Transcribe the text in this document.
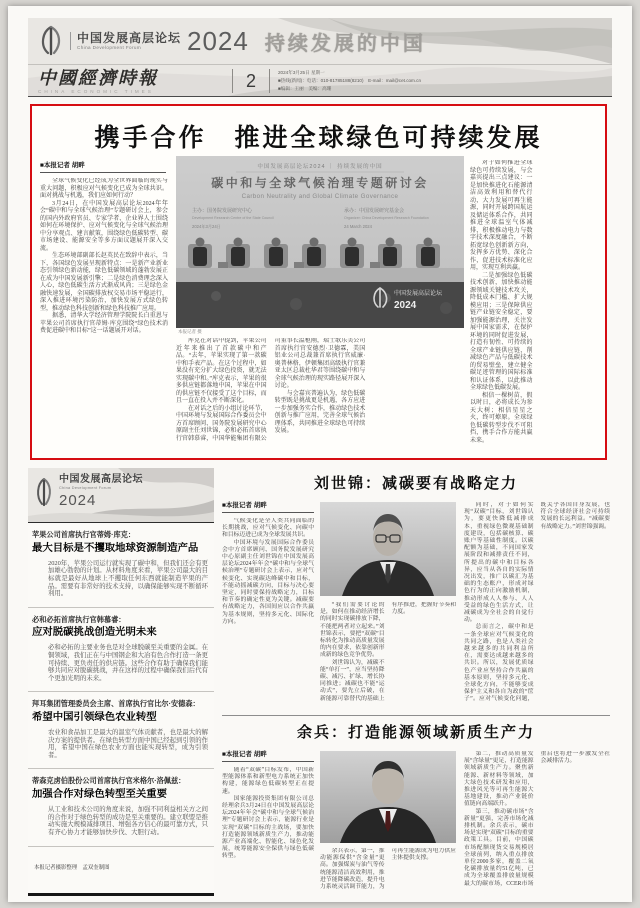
中国发展高层论坛
China Development Forum	2024 持续发展的中国
中國經濟時報
CHINA ECONOMIC TIMES
2	2024年3月25日 星期一
■热线(新闻)：电话：010-81785188(8210)　E-mail：mail@cet.com.cn
■编辑：王丽　美编：高珊
携手合作　推进全球绿色可持续发展
■本报记者 胡畔

全球气候变化已经成为全世界面临的现实与重大问题，积极应对气候变化已成为全球共识。面对挑战与机遇，我们应如何行动？

3月24日，在中国发展高层论坛2024年年会“碳中和与全球气候治理”专题研讨会上，参会的国内外政府官员、专家学者、企业界人士围绕如何在环境保护、应对气候变化与全球气候治理中分享观点、建言献策，围绕绿色低碳转型、碳市场建设、能源安全等多方面议题展开深入交流。

生态环境部副部长赵英民在致辞中表示，当下，各国绿色发展呈现新特点：一是新产业新业态引领绿色新动能，绿色低碳领域的蓬勃发展正在成为中国发展新引擎；二是绿色消费理念深入人心，绿色低碳生活方式渐成风尚；三是绿色金融快速发展，全国碳排放权交易市场平稳运行，深入推进环境污染防治，加快发展方式绿色转型，推动绿色科技创新和绿色科技推广应用。

据悉，清华大学经济管理学院院长白重恩与苹果公司首席执行官蒂姆·库克围绕“绿色技术消费促进碳中和目标”这一话题展开对话。

中国发展高层论坛2024 ｜ 持续发展的中国
碳中和与全球气候治理专题研讨会
Carbon Neutrality and Global Climate Governance
主办：国务院发展研究中心
Development Research Centre of the State Council
2024年3月24日
承办：中国发展研究基金会
Organizer: China Development Research Foundation
24 March 2024
中国发展高层论坛
2024
本报记者 摄

库克在对话中提到，苹果公司近年来推出了首款碳中和产品。“去年，苹果实现了第一款碳中和手表产品。在这个过程中，如果没有充分扩大绿色投资，就无法实现碳中和。”库克表示，苹果的很多供应链都落地中国，苹果在中国的供应链不仅接受了这个目标，而且一直在投入并不断深化。

在对话之后的小组讨论环节，中国环境与发展国际合作委员会中方首席顾问、国务院发展研究中心原副主任刘世锦，必和必拓首席执行官韩慕睿，中国华能集团有限公司董事长温枢刚，瑞士歌乐美公司首席执行官安德烈·卫德霖，美国铝业公司总裁兼首席执行官威廉·奥普林格，伊顿集团高级执行官兼亚太区总裁杜华君等围绕碳中和与全球气候治理的现实路径展开深入讨论。

与会嘉宾普遍认为，绿色低碳转型既是挑战更是机遇，各方应进一步加强务实合作，推动绿色技术创新与推广应用，完善全球气候治理体系，共同推进全球绿色可持续发展。

对于如何推进全球绿色可持续发展，与会嘉宾提出三点建议：一是加快推进化石能源清洁高效利用和替代行动，大力发展可再生能源，同时开展跨国航运及储运体系合作，共同推进全球温室气体减排，积极推动电力与数字技术深度融合，不断拓宽绿色创新新方向，发挥多方优势、深化合作，促进技术标准化应用，实现互利共赢。

二是加强绿色低碳技术创新，加快推动能源领域关键技术攻关，降低成本门槛、扩大规模应用；三是保障供应链产业链安全稳定，要加强能源治理，关注发展中国家需求，在保护环境的同时促进发展，打造有韧性、可持续的全球产业链供应链，削减绿色产品与低碳技术的贸易壁垒，建立健全碳足迹管理的国际标准和认证体系，以此推动全球绿色低碳发展。

相信一棵树苗，假以时日，必将成长为参天大树；相信星星之火，终可燎原。全球绿色低碳转型步伐不可阻挡，携手合作方能共赢未来。

中国发展高层论坛
China Development Forum
2024
苹果公司首席执行官蒂姆·库克：
最大目标是不攫取地球资源制造产品
2020年，苹果公司运行就实现了碳中和，但我们还会有更加雄心勃勃的计划。从材料角度来看，苹果公司最大的目标就是最好从地球上不攫取任何东西就能制造苹果的产品。需要有非常好的技术支持，以确保能够实现不断循环利用。
必和必拓首席执行官韩慕睿：
应对脱碳挑战创造光明未来
必和必拓的主要业务也是对全球脱碳至关重要的金属。在铜领域，我们正在与中国钢企和大冶有色合作打造一条更可持续、更负责任的供应链。这些合作有助于确保我们能够共同应对脱碳挑战，并在这样的过程中确保我们后代有个更加光明的未来。
拜耳集团管理委员会主席、首席执行官比尔·安德森：
希望中国引领绿色农业转型
农业和食品加工是最大的温室气体贡献者，也是最大的解决方案的提供者。在绿色转型方面中国已经起到引领的作用，希望中国在绿色农业方面也能实现转型，成为引领者。
蒂森克虏伯股份公司首席执行官米格尔·洛佩兹：
加强合作对绿色转型至关重要
从工业和技术公司的角度来说，加强不同利益相关方之间的合作对于绿色转型的成功是至关重要的。建立联盟是推动实施大规模减排项目、增强各方信心的最可靠方式，只有齐心协力才能够加快步伐、大胆行动。
本报记者摄影整理　孟双奎制图
刘世锦：减碳要有战略定力
■本报记者 胡畔

气候变化是全人类共同面临的长期挑战，应对气候变化、向碳中和目标迈进已成为全球发展共识。

中国环境与发展国际合作委员会中方首席顾问、国务院发展研究中心原副主任刘世锦在中国发展高层论坛2024年年会“碳中和与全球气候治理”专题研讨会上表示，应对气候变化、实现碳达峰碳中和目标，不能动摇减碳方向，目标与决心要坚定，同时要保持战略定力，目标和节奏的确定性更为关键。减碳要有战略定力，各国间应以合作共赢为基本规则，坚持多元化、国际化方向。

“我们需要讨论的是，如何在推动经济增长的同时实现碳排放下降，不能把两者对立起来。”刘世锦表示，要把“双碳”目标转化为推动高质量发展的内在要求，依靠创新形成新的绿色竞争优势。

刘世锦认为，减碳不能“单打一”，应当坚持降碳、减污、扩绿、增长协同推进；减碳也不能“运动式”，要先立后破，在新能源可靠替代的基础上有序推进，把握好节奏和力度。

同时，对于如何实现“双碳”目标，刘世锦认为，要更快降低减排成本，重视绿色微观基础制度建设，包括碳核算、碳账户等基础性制度。以碳配额为基础，不同国家发展阶段和减排责任不同，所提出的碳中和目标各异，应当从各自的实际情况出发，推广以碳汇为基础的生态账户，形成对绿色行为的正向激励机制，推动形成人人参与、人人受益的绿色生活方式，让减碳成为全社会的自觉行动。

总而言之，碳中和是一条全球应对气候变化的共同之路，也是人类社会越来越多的共同利益所在，需要达成越来越多的共识。所以，发展优质绿色产业应坚持合作共赢的基本原则，坚持多元化、全球化方向，不能够变成保护主义和各自为政的“筐子”。应对气候变化问题，既关乎各国自身发展，也符合全球经济社会可持续发展的长远利益。“减碳要有战略定力。”刘世锦强调。

余兵：打造能源领域新质生产力
■本报记者 胡畔

随着“双碳”目标发布，中国新型能源体系和新型电力系统正加快构建，能源绿色低碳转型正在提速。

国家能源投资集团有限公司总经理余兵3月24日在中国发展高层论坛2024年年会“碳中和与全球气候治理”专题研讨会上表示，能源行业是实现“双碳”目标的主战场，要加快打造能源领域新质生产力，推动能源产业高端化、智能化、绿色化发展，统筹能源安全保供与绿色低碳转型。

余兵表示，第一，推动能源保供“含金量”更高。加强煤炭与油气等传统能源清洁高效利用，推进节能降碳改造，提升电力系统灵活调节能力，为可再生能源成为电力供应主体提供支撑。

第二，推动高质量发展“含绿量”更足，打造能源领域新质生产力。聚焦新能源、新材料等领域，加大绿色技术研发和应用，推进风光等可再生能源大基地建设，推动产业链价值链向高端跃升。

第三，推动碳市场“含新量”更强，完善市场化减排机制。余兵表示，碳市场是实现“双碳”目标的重要政策工具。目前，中国碳市场配额现货交易规模居全球前列，纳入重点排放单位2000多家，覆盖二氧化碳排放量约51亿吨，已成为全球覆盖排放量规模最大的碳市场，CCER市场重启也将进一步激发全社会减排活力。
